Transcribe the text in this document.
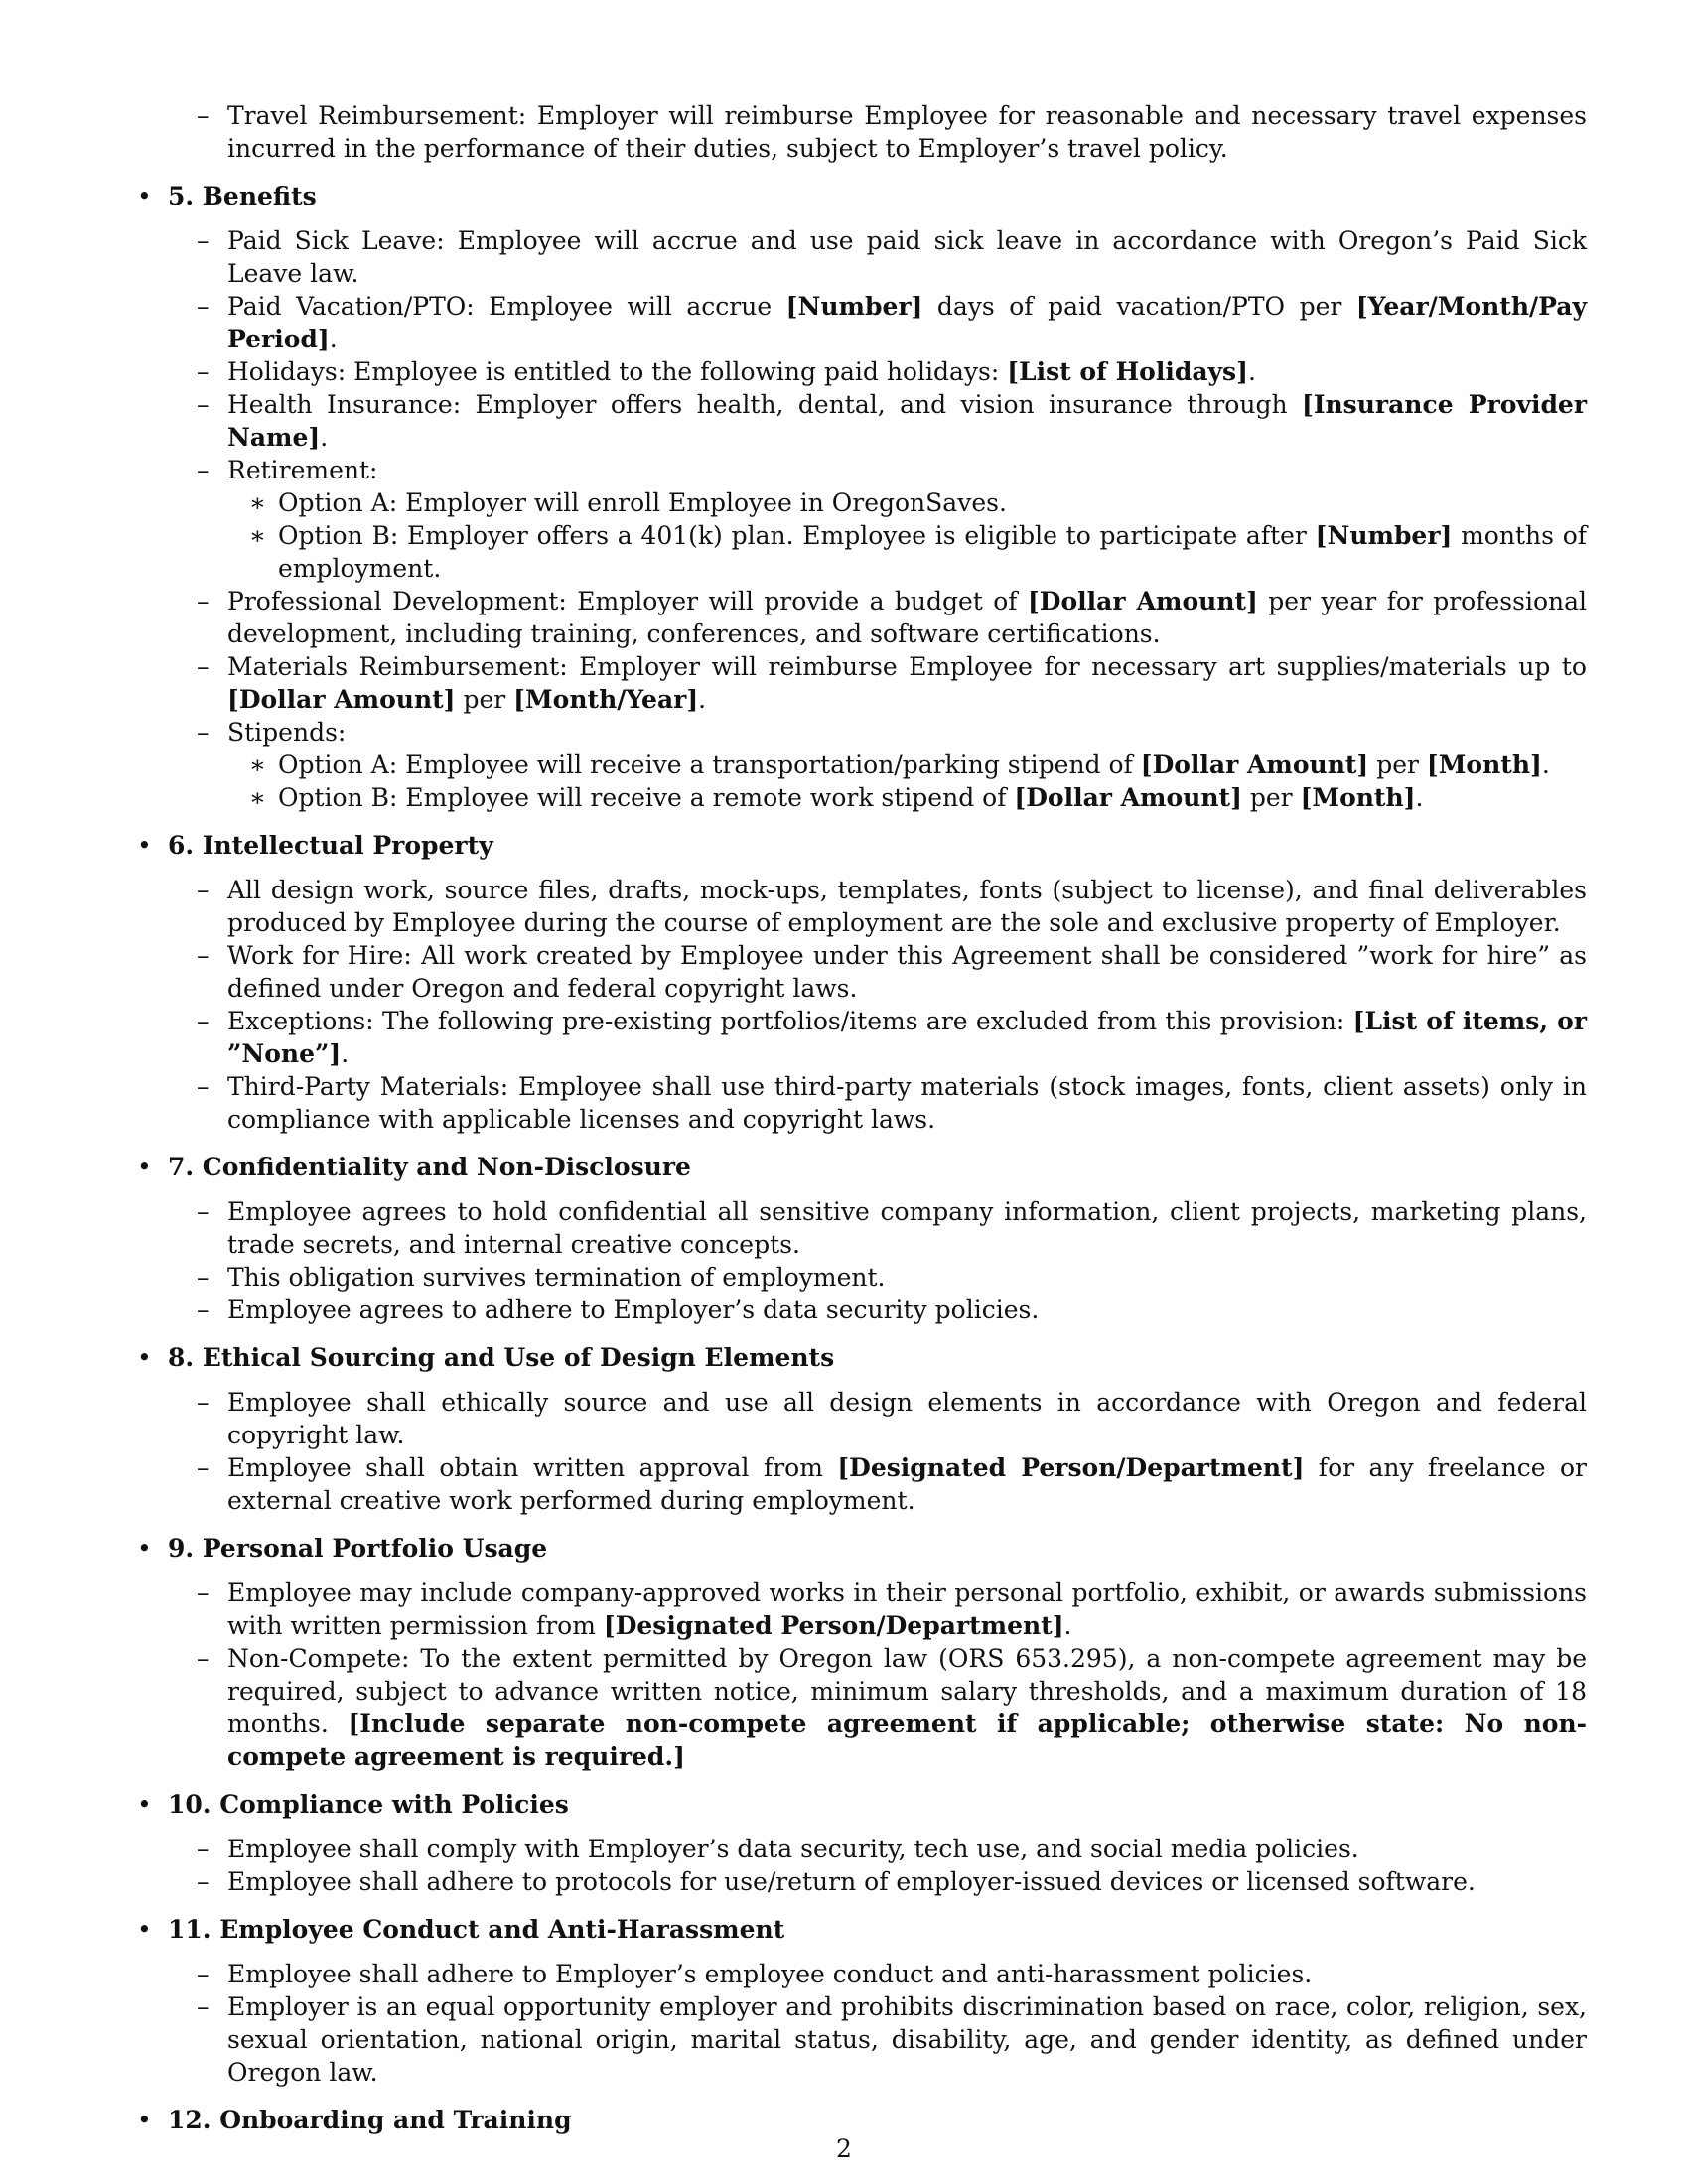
– Travel Reimbursement: Employer will reimburse Employee for reasonable and necessary travel expenses incurred in the performance of their duties, subject to Employer’s travel policy.
• 5. Benefits
– Paid Sick Leave: Employee will accrue and use paid sick leave in accordance with Oregon’s Paid Sick Leave law.
– Paid Vacation/PTO: Employee will accrue [Number] days of paid vacation/PTO per [Year/Month/Pay Period].
– Holidays: Employee is entitled to the following paid holidays: [List of Holidays].
– Health Insurance: Employer offers health, dental, and vision insurance through [Insurance Provider Name].
– Retirement:
∗ Option A: Employer will enroll Employee in OregonSaves.
∗ Option B: Employer offers a 401(k) plan. Employee is eligible to participate after [Number] months of employment.
– Professional Development: Employer will provide a budget of [Dollar Amount] per year for professional development, including training, conferences, and software certifications.
– Materials Reimbursement: Employer will reimburse Employee for necessary art supplies/materials up to [Dollar Amount] per [Month/Year].
– Stipends:
∗ Option A: Employee will receive a transportation/parking stipend of [Dollar Amount] per [Month].
∗ Option B: Employee will receive a remote work stipend of [Dollar Amount] per [Month].
• 6. Intellectual Property
– All design work, source files, drafts, mock-ups, templates, fonts (subject to license), and final deliverables produced by Employee during the course of employment are the sole and exclusive property of Employer.
– Work for Hire: All work created by Employee under this Agreement shall be considered ”work for hire” as defined under Oregon and federal copyright laws.
– Exceptions: The following pre-existing portfolios/items are excluded from this provision: [List of items, or ”None”].
– Third-Party Materials: Employee shall use third-party materials (stock images, fonts, client assets) only in compliance with applicable licenses and copyright laws.
• 7. Confidentiality and Non-Disclosure
– Employee agrees to hold confidential all sensitive company information, client projects, marketing plans, trade secrets, and internal creative concepts.
– This obligation survives termination of employment.
– Employee agrees to adhere to Employer’s data security policies.
• 8. Ethical Sourcing and Use of Design Elements
– Employee shall ethically source and use all design elements in accordance with Oregon and federal copyright law.
– Employee shall obtain written approval from [Designated Person/Department] for any freelance or external creative work performed during employment.
• 9. Personal Portfolio Usage
– Employee may include company-approved works in their personal portfolio, exhibit, or awards submissions with written permission from [Designated Person/Department].
– Non-Compete: To the extent permitted by Oregon law (ORS 653.295), a non-compete agreement may be required, subject to advance written notice, minimum salary thresholds, and a maximum duration of 18 months. [Include separate non-compete agreement if applicable; otherwise state: No non-compete agreement is required.]
• 10. Compliance with Policies
– Employee shall comply with Employer’s data security, tech use, and social media policies.
– Employee shall adhere to protocols for use/return of employer-issued devices or licensed software.
• 11. Employee Conduct and Anti-Harassment
– Employee shall adhere to Employer’s employee conduct and anti-harassment policies.
– Employer is an equal opportunity employer and prohibits discrimination based on race, color, religion, sex, sexual orientation, national origin, marital status, disability, age, and gender identity, as defined under Oregon law.
• 12. Onboarding and Training
2
